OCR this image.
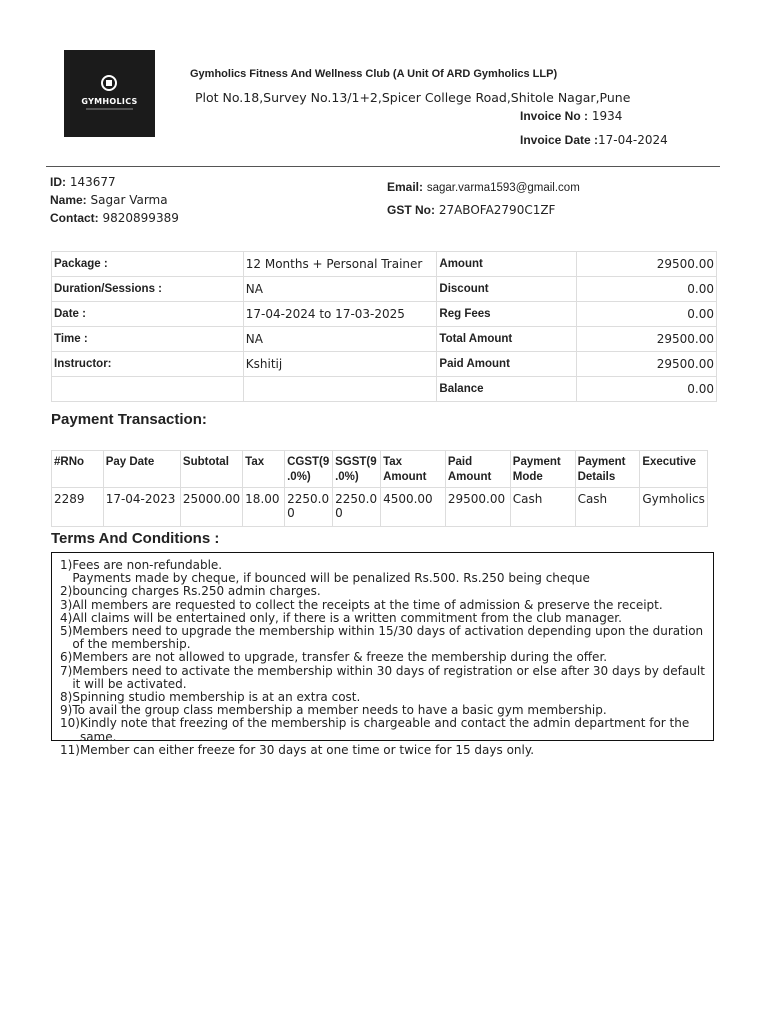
GYMHOLICS
Gymholics Fitness And Wellness Club (A Unit Of ARD Gymholics LLP)
Plot No.18,Survey No.13/1+2,Spicer College Road,Shitole Nagar,Pune
Invoice No : 1934
Invoice Date :17-04-2024
ID: 143677
Name: Sagar Varma
Contact: 9820899389
Email: sagar.varma1593@gmail.com
GST No: 27ABOFA2790C1ZF
Package :	12 Months + Personal Trainer	Amount	29500.00
Duration/Sessions :	NA	Discount	0.00
Date :	17-04-2024 to 17-03-2025	Reg Fees	0.00
Time :	NA	Total Amount	29500.00
Instructor:	Kshitij	Paid Amount	29500.00
		Balance	0.00
Payment Transaction:
#RNo	Pay Date	Subtotal	Tax	CGST(9 .0%)	SGST(9 .0%)	Tax Amount	Paid Amount	Payment Mode	Payment Details	Executive
2289	17-04-2023	25000.00	18.00	2250.0 0	2250.0 0	4500.00	29500.00	Cash	Cash	Gymholics
Terms And Conditions :
1) Fees are non-refundable.
2)Payments made by cheque, if bounced will be penalized Rs.500. Rs.250 being cheque bouncing charges Rs.250 admin charges.
3) All members are requested to collect the receipts at the time of admission & preserve the receipt.
4) All claims will be entertained only, if there is a written commitment from the club manager.
5) Members need to upgrade the membership within 15/30 days of activation depending upon the duration of the membership.
6) Members are not allowed to upgrade, transfer & freeze the membership during the offer.
7) Members need to activate the membership within 30 days of registration or else after 30 days by default it will be activated.
8) Spinning studio membership is at an extra cost.
9) To avail the group class membership a member needs to have a basic gym membership.
10) Kindly note that freezing of the membership is chargeable and contact the admin department for the same.
11) Member can either freeze for 30 days at one time or twice for 15 days only.
